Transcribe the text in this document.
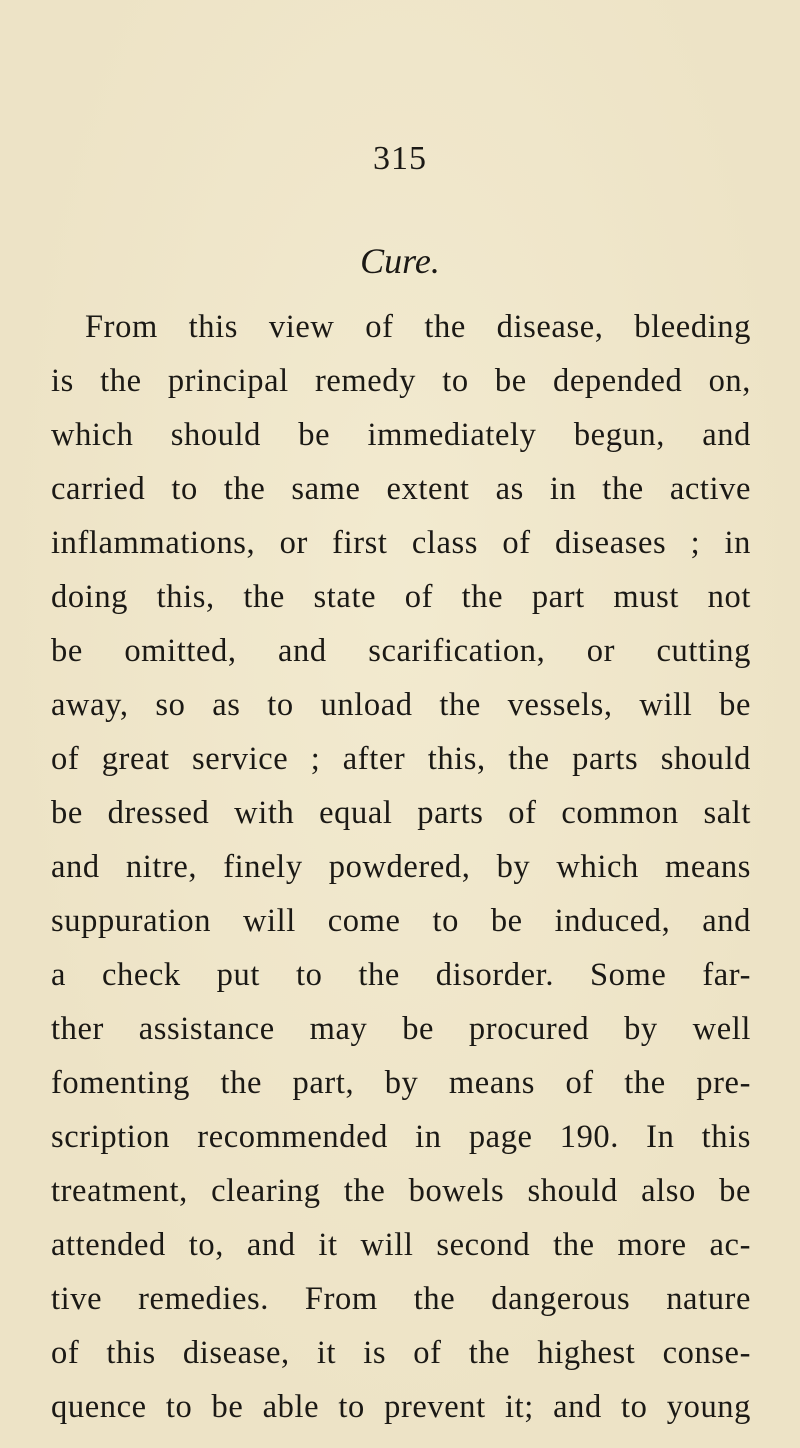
315
Cure.
From this view of the disease, bleeding
is the principal remedy to be depended on,
which should be immediately begun, and
carried to the same extent as in the active
inflammations, or first class of diseases ; in
doing this, the state of the part must not
be omitted, and scarification, or cutting
away, so as to unload the vessels, will be
of great service ; after this, the parts should
be dressed with equal parts of common salt
and nitre, finely powdered, by which means
suppuration will come to be induced, and
a check put to the disorder. Some far-
ther assistance may be procured by well
fomenting the part, by means of the pre-
scription recommended in page 190. In this
treatment, clearing the bowels should also be
attended to, and it will second the more ac-
tive remedies. From the dangerous nature
of this disease, it is of the highest conse-
quence to be able to prevent it; and to young
